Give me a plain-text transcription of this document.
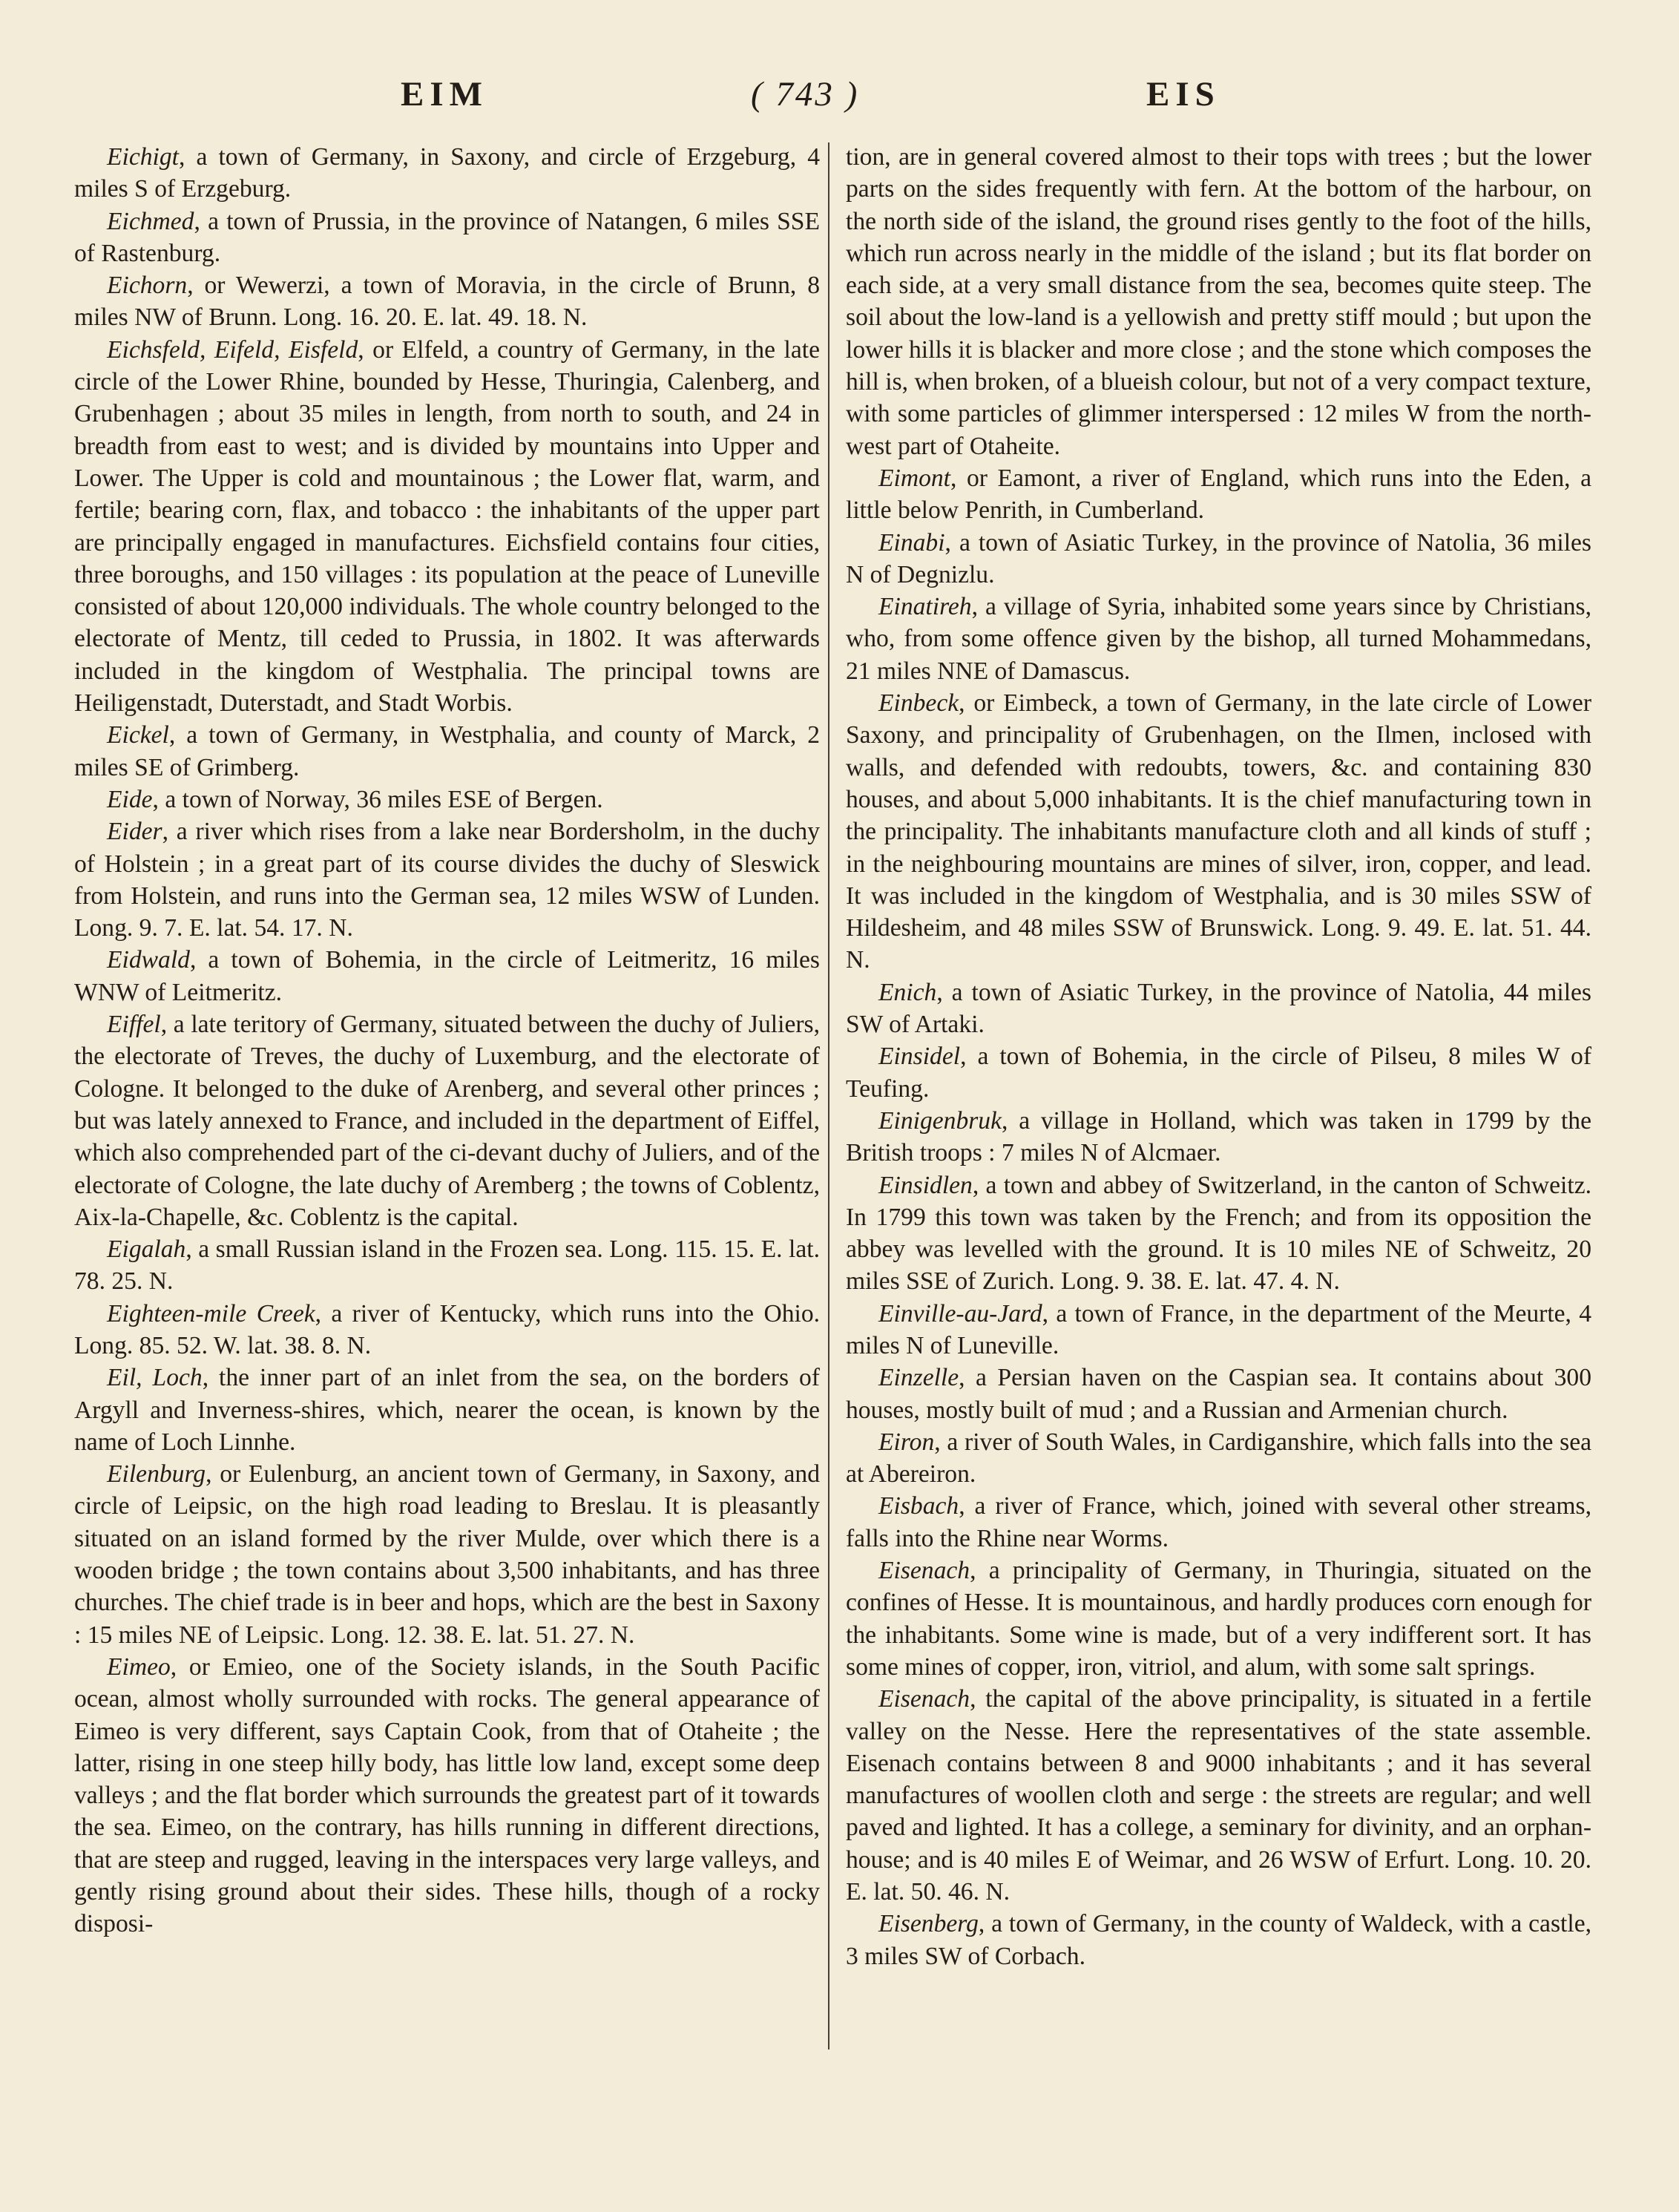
EIM	( 743 )	EIS

Eichigt, a town of Germany, in Saxony, and circle of Erzgeburg, 4 miles S of Erzgeburg.

Eichmed, a town of Prussia, in the province of Natangen, 6 miles SSE of Rastenburg.

Eichorn, or Wewerzi, a town of Moravia, in the circle of Brunn, 8 miles NW of Brunn. Long. 16. 20. E. lat. 49. 18. N.

Eichsfeld, Eifeld, Eisfeld, or Elfeld, a country of Germany, in the late circle of the Lower Rhine, bounded by Hesse, Thuringia, Calenberg, and Grubenhagen ; about 35 miles in length, from north to south, and 24 in breadth from east to west; and is divided by mountains into Upper and Lower. The Upper is cold and mountainous ; the Lower flat, warm, and fertile; bearing corn, flax, and tobacco : the inhabitants of the upper part are principally engaged in manufactures. Eichsfield contains four cities, three boroughs, and 150 villages : its population at the peace of Luneville consisted of about 120,000 individuals. The whole country belonged to the electorate of Mentz, till ceded to Prussia, in 1802. It was afterwards included in the kingdom of Westphalia. The principal towns are Heiligenstadt, Duterstadt, and Stadt Worbis.

Eickel, a town of Germany, in Westphalia, and county of Marck, 2 miles SE of Grimberg.

Eide, a town of Norway, 36 miles ESE of Bergen.

Eider, a river which rises from a lake near Bordersholm, in the duchy of Holstein ; in a great part of its course divides the duchy of Sleswick from Holstein, and runs into the German sea, 12 miles WSW of Lunden. Long. 9. 7. E. lat. 54. 17. N.

Eidwald, a town of Bohemia, in the circle of Leitmeritz, 16 miles WNW of Leitmeritz.

Eiffel, a late teritory of Germany, situated between the duchy of Juliers, the electorate of Treves, the duchy of Luxemburg, and the electorate of Cologne. It belonged to the duke of Arenberg, and several other princes ; but was lately annexed to France, and included in the department of Eiffel, which also comprehended part of the ci-devant duchy of Juliers, and of the electorate of Cologne, the late duchy of Aremberg ; the towns of Coblentz, Aix-la-Chapelle, &c. Coblentz is the capital.

Eigalah, a small Russian island in the Frozen sea. Long. 115. 15. E. lat. 78. 25. N.

Eighteen-mile Creek, a river of Kentucky, which runs into the Ohio. Long. 85. 52. W. lat. 38. 8. N.

Eil, Loch, the inner part of an inlet from the sea, on the borders of Argyll and Inverness-shires, which, nearer the ocean, is known by the name of Loch Linnhe.

Eilenburg, or Eulenburg, an ancient town of Germany, in Saxony, and circle of Leipsic, on the high road leading to Breslau. It is pleasantly situated on an island formed by the river Mulde, over which there is a wooden bridge ; the town contains about 3,500 inhabitants, and has three churches. The chief trade is in beer and hops, which are the best in Saxony : 15 miles NE of Leipsic. Long. 12. 38. E. lat. 51. 27. N.

Eimeo, or Emieo, one of the Society islands, in the South Pacific ocean, almost wholly surrounded with rocks. The general appearance of Eimeo is very different, says Captain Cook, from that of Otaheite ; the latter, rising in one steep hilly body, has little low land, except some deep valleys ; and the flat border which surrounds the greatest part of it towards the sea. Eimeo, on the contrary, has hills running in different directions, that are steep and rugged, leaving in the interspaces very large valleys, and gently rising ground about their sides. These hills, though of a rocky disposi-

tion, are in general covered almost to their tops with trees ; but the lower parts on the sides frequently with fern. At the bottom of the harbour, on the north side of the island, the ground rises gently to the foot of the hills, which run across nearly in the middle of the island ; but its flat border on each side, at a very small distance from the sea, becomes quite steep. The soil about the low-land is a yellowish and pretty stiff mould ; but upon the lower hills it is blacker and more close ; and the stone which composes the hill is, when broken, of a blueish colour, but not of a very compact texture, with some particles of glimmer interspersed : 12 miles W from the north-west part of Otaheite.

Eimont, or Eamont, a river of England, which runs into the Eden, a little below Penrith, in Cumberland.

Einabi, a town of Asiatic Turkey, in the province of Natolia, 36 miles N of Degnizlu.

Einatireh, a village of Syria, inhabited some years since by Christians, who, from some offence given by the bishop, all turned Mohammedans, 21 miles NNE of Damascus.

Einbeck, or Eimbeck, a town of Germany, in the late circle of Lower Saxony, and principality of Grubenhagen, on the Ilmen, inclosed with walls, and defended with redoubts, towers, &c. and containing 830 houses, and about 5,000 inhabitants. It is the chief manufacturing town in the principality. The inhabitants manufacture cloth and all kinds of stuff ; in the neighbouring mountains are mines of silver, iron, copper, and lead. It was included in the kingdom of Westphalia, and is 30 miles SSW of Hildesheim, and 48 miles SSW of Brunswick. Long. 9. 49. E. lat. 51. 44. N.

Enich, a town of Asiatic Turkey, in the province of Natolia, 44 miles SW of Artaki.

Einsidel, a town of Bohemia, in the circle of Pilseu, 8 miles W of Teufing.

Einigenbruk, a village in Holland, which was taken in 1799 by the British troops : 7 miles N of Alcmaer.

Einsidlen, a town and abbey of Switzerland, in the canton of Schweitz. In 1799 this town was taken by the French; and from its opposition the abbey was levelled with the ground. It is 10 miles NE of Schweitz, 20 miles SSE of Zurich. Long. 9. 38. E. lat. 47. 4. N.

Einville-au-Jard, a town of France, in the department of the Meurte, 4 miles N of Luneville.

Einzelle, a Persian haven on the Caspian sea. It contains about 300 houses, mostly built of mud ; and a Russian and Armenian church.

Eiron, a river of South Wales, in Cardiganshire, which falls into the sea at Abereiron.

Eisbach, a river of France, which, joined with several other streams, falls into the Rhine near Worms.

Eisenach, a principality of Germany, in Thuringia, situated on the confines of Hesse. It is mountainous, and hardly produces corn enough for the inhabitants. Some wine is made, but of a very indifferent sort. It has some mines of copper, iron, vitriol, and alum, with some salt springs.

Eisenach, the capital of the above principality, is situated in a fertile valley on the Nesse. Here the representatives of the state assemble. Eisenach contains between 8 and 9000 inhabitants ; and it has several manufactures of woollen cloth and serge : the streets are regular; and well paved and lighted. It has a college, a seminary for divinity, and an orphan-house; and is 40 miles E of Weimar, and 26 WSW of Erfurt. Long. 10. 20. E. lat. 50. 46. N.

Eisenberg, a town of Germany, in the county of Waldeck, with a castle, 3 miles SW of Corbach.
